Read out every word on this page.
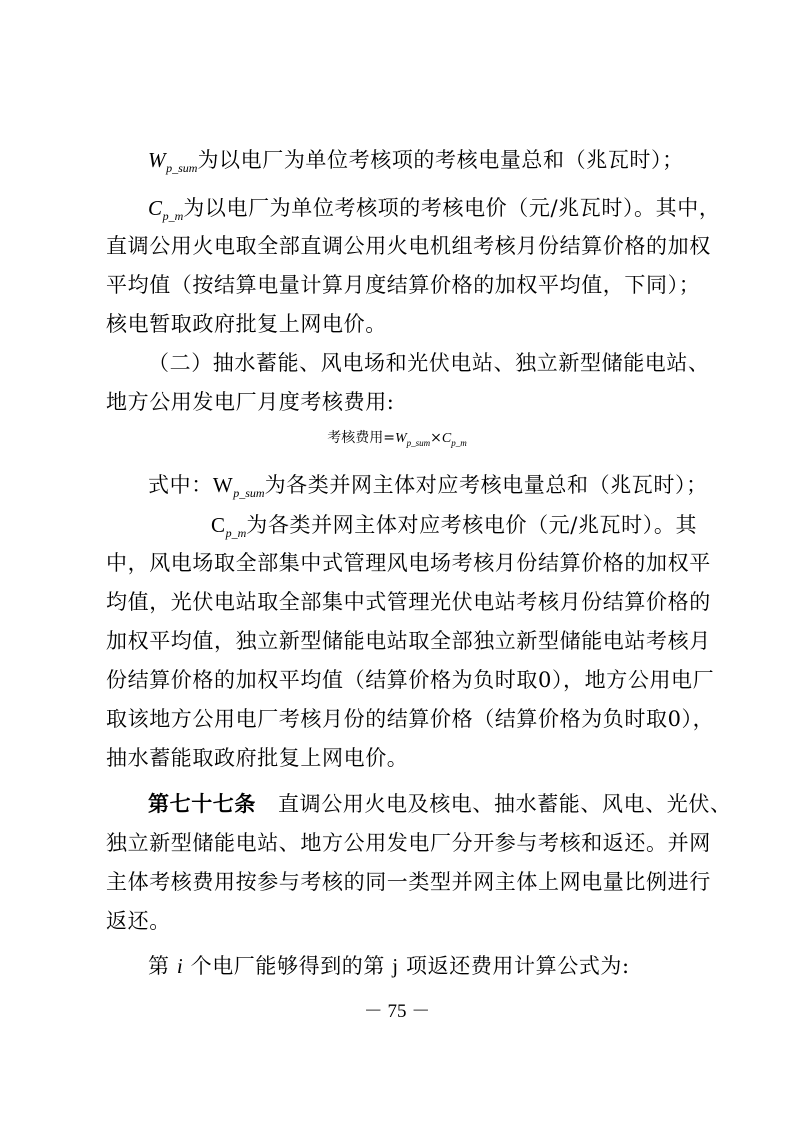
$W_{p\_sum}$为以电厂为单位考核项的考核电量总和（兆瓦时）；
$C_{p\_m}$为以电厂为单位考核项的考核电价（元/兆瓦时）。其中，
直调公用火电取全部直调公用火电机组考核月份结算价格的加权
平均值（按结算电量计算月度结算价格的加权平均值，下同）；
核电暂取政府批复上网电价。
（二）抽水蓄能、风电场和光伏电站、独立新型储能电站、
地方公用发电厂月度考核费用:
考核费用$=W_{p\_sum}\times C_{p\_m}$
式中：$W_{p\_sum}$为各类并网主体对应考核电量总和（兆瓦时）；
$C_{p\_m}$为各类并网主体对应考核电价（元/兆瓦时）。其
中，风电场取全部集中式管理风电场考核月份结算价格的加权平
均值，光伏电站取全部集中式管理光伏电站考核月份结算价格的
加权平均值，独立新型储能电站取全部独立新型储能电站考核月
份结算价格的加权平均值（结算价格为负时取0），地方公用电厂
取该地方公用电厂考核月份的结算价格（结算价格为负时取0），
抽水蓄能取政府批复上网电价。
第七十七条 直调公用火电及核电、抽水蓄能、风电、光伏、
独立新型储能电站、地方公用发电厂分开参与考核和返还。并网
主体考核费用按参与考核的同一类型并网主体上网电量比例进行
返还。
第 i 个电厂能够得到的第 j 项返还费用计算公式为:
－ 75 －
